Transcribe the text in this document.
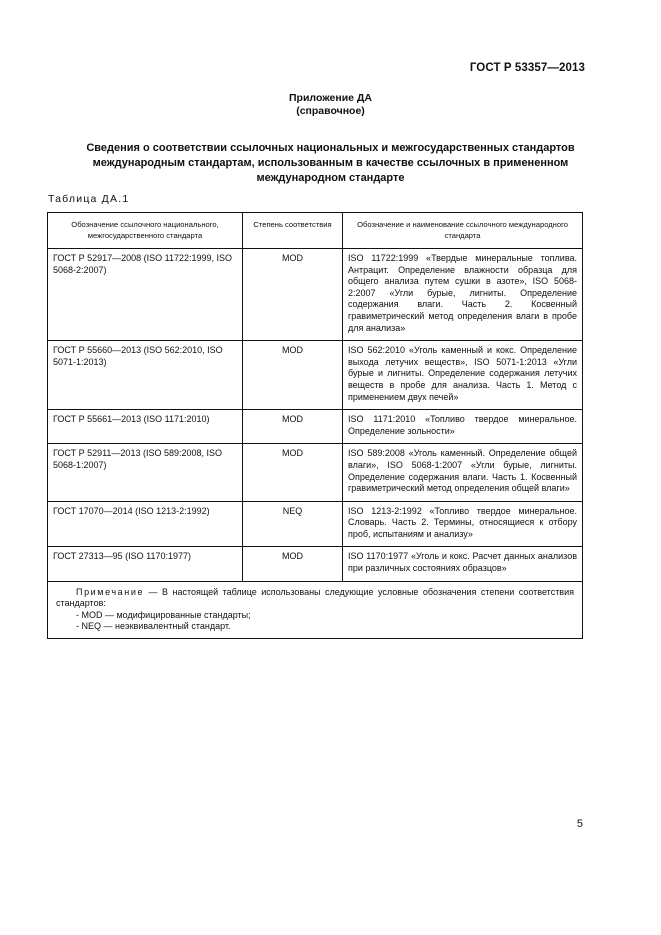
ГОСТ Р 53357—2013
Приложение ДА
(справочное)
Сведения о соответствии ссылочных национальных и межгосударственных стандартов международным стандартам, использованным в качестве ссылочных в примененном международном стандарте
Таблица ДА.1
Обозначение ссылочного национального, межгосударственного стандарта	Степень соответствия	Обозначение и наименование ссылочного международного стандарта
ГОСТ Р 52917—2008 (ISO 11722:1999, ISO 5068-2:2007)	MOD	ISO 11722:1999 «Твердые минеральные топлива. Антрацит. Определение влажности образца для общего анализа путем сушки в азоте», ISO 5068-2:2007 «Угли бурые, лигниты. Определение содержания влаги. Часть 2. Косвенный гравиметрический метод определения влаги в пробе для анализа»
ГОСТ Р 55660—2013 (ISO 562:2010, ISO 5071-1:2013)	MOD	ISO 562:2010 «Уголь каменный и кокс. Определение выхода летучих веществ», ISO 5071-1:2013 «Угли бурые и лигниты. Определение содержания летучих веществ в пробе для анализа. Часть 1. Метод с применением двух печей»
ГОСТ Р 55661—2013 (ISO 1171:2010)	MOD	ISO 1171:2010 «Топливо твердое минеральное. Определение зольности»
ГОСТ Р 52911—2013 (ISO 589:2008, ISO 5068-1:2007)	MOD	ISO 589:2008 «Уголь каменный. Определение общей влаги», ISO 5068-1:2007 «Угли бурые, лигниты. Определение содержания влаги. Часть 1. Косвенный гравиметрический метод определения общей влаги»
ГОСТ 17070—2014 (ISO 1213-2:1992)	NEQ	ISO 1213-2:1992 «Топливо твердое минеральное. Словарь. Часть 2. Термины, относящиеся к отбору проб, испытаниям и анализу»
ГОСТ 27313—95 (ISO 1170:1977)	MOD	ISO 1170:1977 «Уголь и кокс. Расчет данных анализов при различных состояниях образцов»

Примечание — В настоящей таблице использованы следующие условные обозначения степени соответствия стандартов:
- MOD — модифицированные стандарты;
- NEQ — неэквивалентный стандарт.		
5
